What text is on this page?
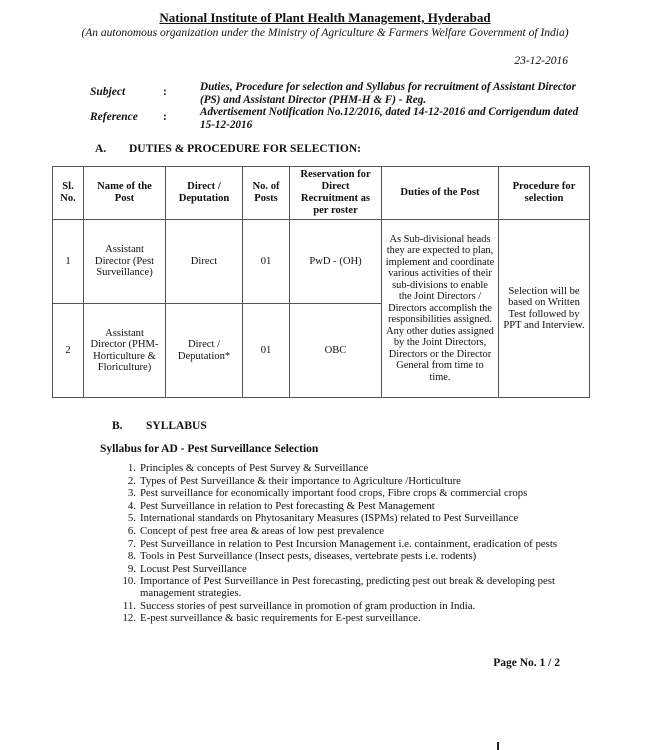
National Institute of Plant Health Management, Hyderabad
(An autonomous organization under the Ministry of Agriculture & Farmers Welfare Government of India)
23-12-2016
Subject	:	Duties, Procedure for selection and Syllabus for recruitment of Assistant Director (PS) and Assistant Director (PHM-H & F) - Reg.
Reference :	Advertisement Notification No.12/2016, dated 14-12-2016 and Corrigendum dated 15-12-2016
A. DUTIES & PROCEDURE FOR SELECTION:
Sl. No.	Name of the Post	Direct / Deputation	No. of Posts	Reservation for Direct Recruitment as per roster	Duties of the Post	Procedure for selection
1	Assistant Director (Pest Surveillance)	Direct	01	PwD - (OH)	As Sub-divisional heads they are expected to plan, implement and coordinate various activities of their sub-divisions to enable the Joint Directors / Directors accomplish the responsibilities assigned. Any other duties assigned by the Joint Directors, Directors or the Director General from time to time.	Selection will be based on Written Test followed by PPT and Interview.
2	Assistant Director (PHM-Horticulture & Floriculture)	Direct / Deputation*	01	OBC		
B. SYLLABUS
Syllabus for AD - Pest Surveillance Selection
1. Principles & concepts of Pest Survey & Surveillance
2. Types of Pest Surveillance & their importance to Agriculture /Horticulture
3. Pest surveillance for economically important food crops, Fibre crops & commercial crops
4. Pest Surveillance in relation to Pest forecasting & Pest Management
5. International standards on Phytosanitary Measures (ISPMs) related to Pest Surveillance
6. Concept of pest free area & areas of low pest prevalence
7. Pest Surveillance in relation to Pest Incursion Management i.e. containment, eradication of pests
8. Tools in Pest Surveillance (Insect pests, diseases, vertebrate pests i.e. rodents)
9. Locust Pest Surveillance
10. Importance of Pest Surveillance in Pest forecasting, predicting pest out break & developing pest management strategies.
11. Success stories of pest surveillance in promotion of gram production in India.
12. E-pest surveillance & basic requirements for E-pest surveillance.
Page No. 1 / 2
